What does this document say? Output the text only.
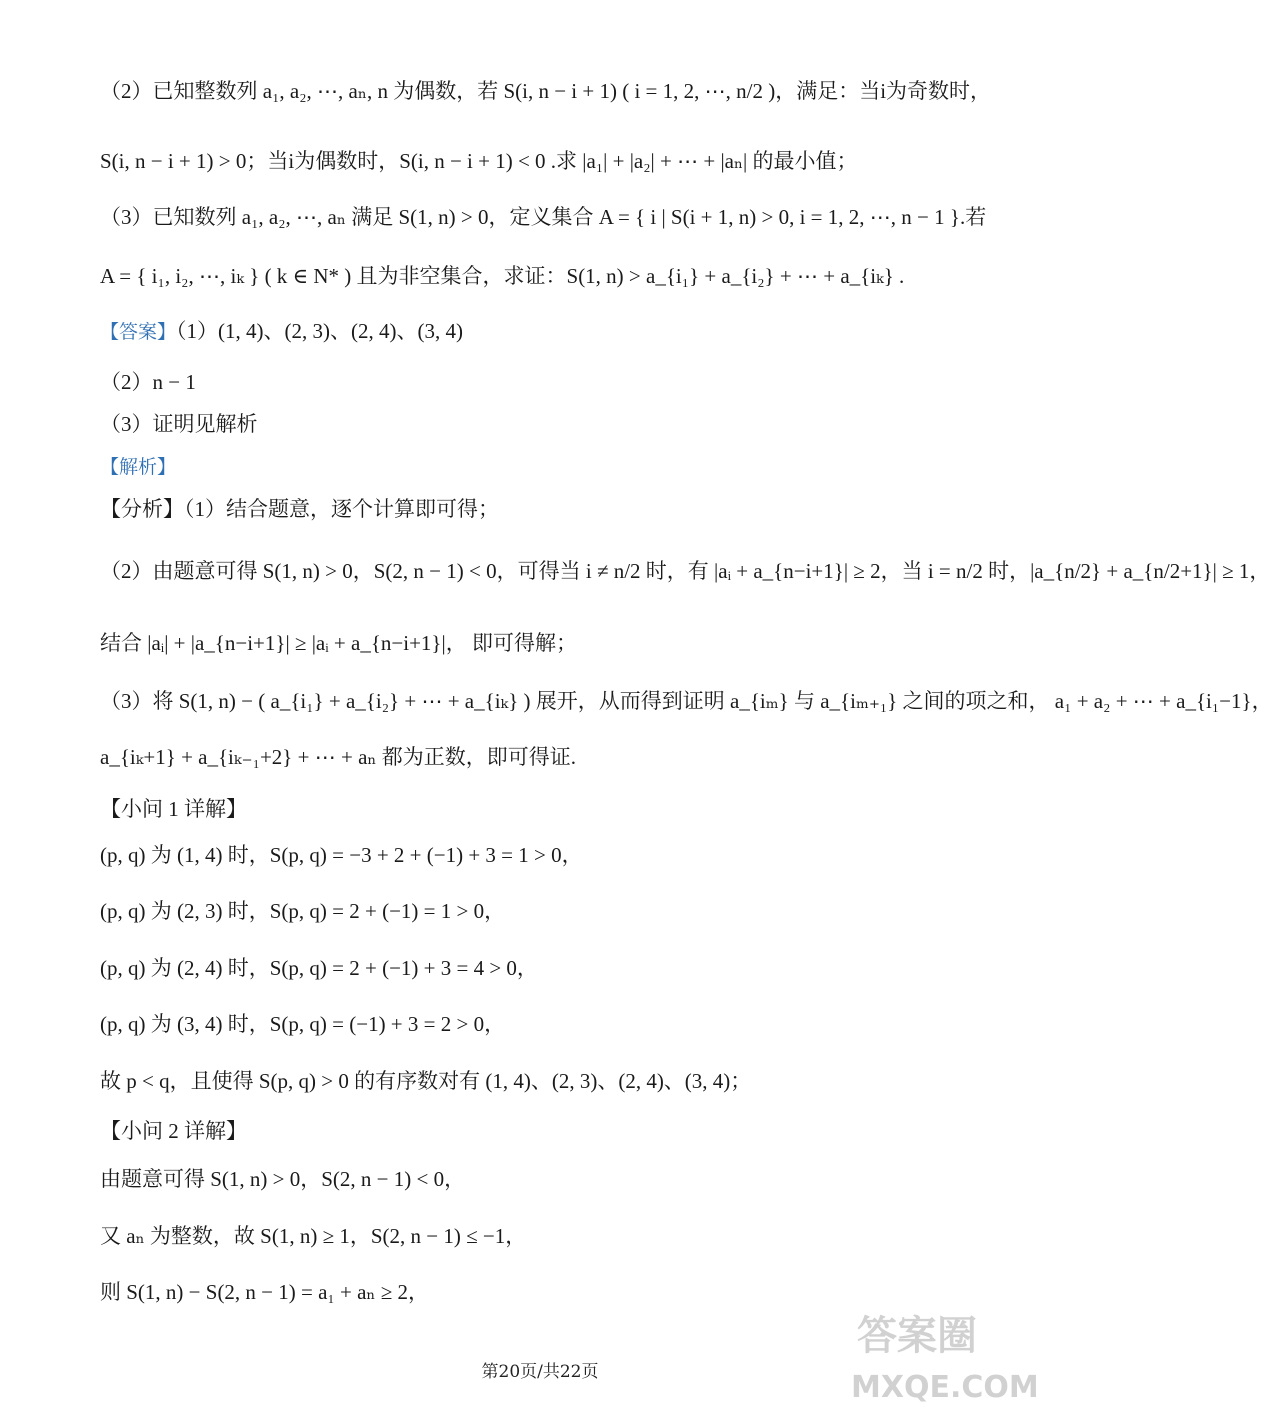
（2）已知整数列 a₁, a₂, ⋯, aₙ, n 为偶数，若 S(i, n − i + 1) ( i = 1, 2, ⋯, n/2 )，满足：当i为奇数时，
S(i, n − i + 1) > 0；当i为偶数时，S(i, n − i + 1) < 0 .求 |a₁| + |a₂| + ⋯ + |aₙ| 的最小值；
（3）已知数列 a₁, a₂, ⋯, aₙ 满足 S(1, n) > 0，定义集合 A = { i | S(i + 1, n) > 0, i = 1, 2, ⋯, n − 1 }.若
A = { i₁, i₂, ⋯, iₖ } ( k ∈ N* ) 且为非空集合，求证：S(1, n) > a_{i₁} + a_{i₂} + ⋯ + a_{iₖ} .
（2）n − 1
（3）证明见解析
【分析】（1）结合题意，逐个计算即可得；
（2）由题意可得 S(1, n) > 0，S(2, n − 1) < 0，可得当 i ≠ n/2 时，有 |aᵢ + a_{n−i+1}| ≥ 2，当 i = n/2 时，|a_{n/2} + a_{n/2+1}| ≥ 1，
结合 |aᵢ| + |a_{n−i+1}| ≥ |aᵢ + a_{n−i+1}|， 即可得解；
（3）将 S(1, n) − ( a_{i₁} + a_{i₂} + ⋯ + a_{iₖ} ) 展开，从而得到证明 a_{iₘ} 与 a_{iₘ₊₁} 之间的项之和， a₁ + a₂ + ⋯ + a_{i₁−1}，
a_{iₖ+1} + a_{iₖ₋₁+2} + ⋯ + aₙ 都为正数，即可得证.
【小问 1 详解】
(p, q) 为 (1, 4) 时，S(p, q) = −3 + 2 + (−1) + 3 = 1 > 0，
(p, q) 为 (2, 3) 时，S(p, q) = 2 + (−1) = 1 > 0，
(p, q) 为 (2, 4) 时，S(p, q) = 2 + (−1) + 3 = 4 > 0，
(p, q) 为 (3, 4) 时，S(p, q) = (−1) + 3 = 2 > 0，
故 p < q，且使得 S(p, q) > 0 的有序数对有 (1, 4)、(2, 3)、(2, 4)、(3, 4)；
【小问 2 详解】
由题意可得 S(1, n) > 0，S(2, n − 1) < 0，
又 aₙ 为整数，故 S(1, n) ≥ 1，S(2, n − 1) ≤ −1，
则 S(1, n) − S(2, n − 1) = a₁ + aₙ ≥ 2，
【答案】（1）(1, 4)、(2, 3)、(2, 4)、(3, 4)
【解析】
第20页/共22页
答案圈
MXQE.COM
